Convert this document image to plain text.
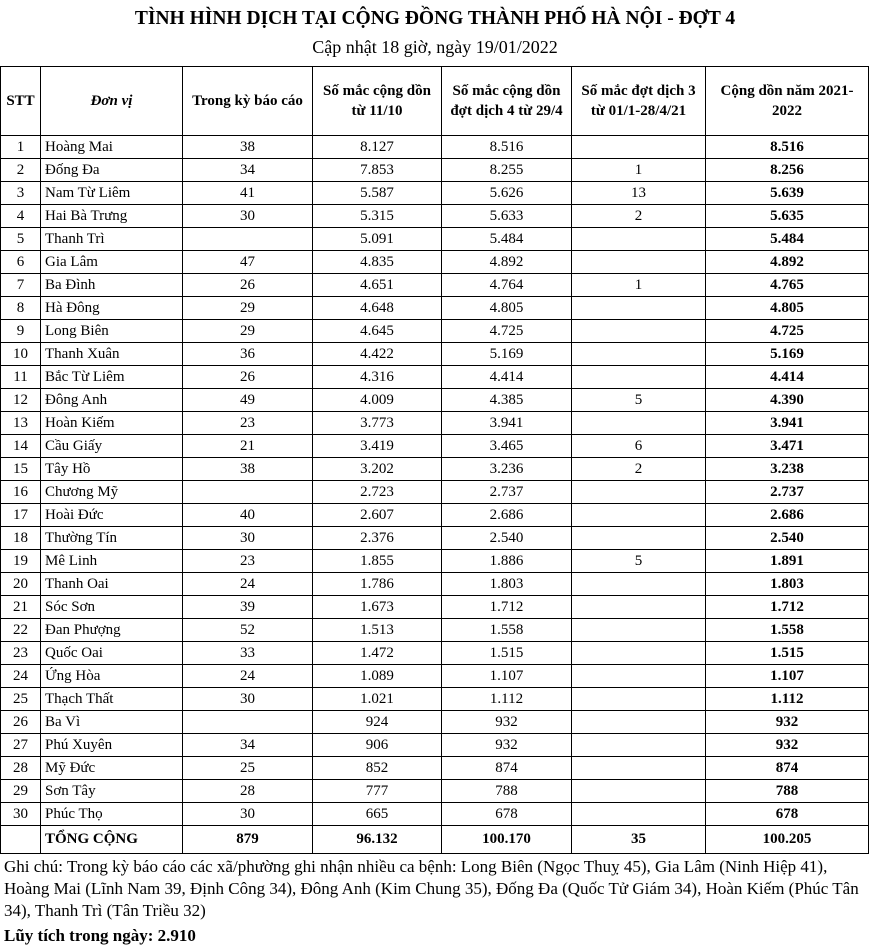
TÌNH HÌNH DỊCH TẠI CỘNG ĐỒNG THÀNH PHỐ HÀ NỘI - ĐỢT 4
Cập nhật 18 giờ, ngày 19/01/2022
STT	Đơn vị	Trong kỳ báo cáo	Số mắc cộng dồn từ 11/10	Số mắc cộng dồn đợt dịch 4 từ 29/4	Số mắc đợt dịch 3 từ 01/1-28/4/21	Cộng dồn năm 2021-2022
1	Hoàng Mai	38	8.127	8.516		8.516
2	Đống Đa	34	7.853	8.255	1	8.256
3	Nam Từ Liêm	41	5.587	5.626	13	5.639
4	Hai Bà Trưng	30	5.315	5.633	2	5.635
5	Thanh Trì		5.091	5.484		5.484
6	Gia Lâm	47	4.835	4.892		4.892
7	Ba Đình	26	4.651	4.764	1	4.765
8	Hà Đông	29	4.648	4.805		4.805
9	Long Biên	29	4.645	4.725		4.725
10	Thanh Xuân	36	4.422	5.169		5.169
11	Bắc Từ Liêm	26	4.316	4.414		4.414
12	Đông Anh	49	4.009	4.385	5	4.390
13	Hoàn Kiếm	23	3.773	3.941		3.941
14	Cầu Giấy	21	3.419	3.465	6	3.471
15	Tây Hồ	38	3.202	3.236	2	3.238
16	Chương Mỹ		2.723	2.737		2.737
17	Hoài Đức	40	2.607	2.686		2.686
18	Thường Tín	30	2.376	2.540		2.540
19	Mê Linh	23	1.855	1.886	5	1.891
20	Thanh Oai	24	1.786	1.803		1.803
21	Sóc Sơn	39	1.673	1.712		1.712
22	Đan Phượng	52	1.513	1.558		1.558
23	Quốc Oai	33	1.472	1.515		1.515
24	Ứng Hòa	24	1.089	1.107		1.107
25	Thạch Thất	30	1.021	1.112		1.112
26	Ba Vì		924	932		932
27	Phú Xuyên	34	906	932		932
28	Mỹ Đức	25	852	874		874
29	Sơn Tây	28	777	788		788
30	Phúc Thọ	30	665	678		678
	TỔNG CỘNG	879	96.132	100.170	35	100.205
Ghi chú: Trong kỳ báo cáo các xã/phường ghi nhận nhiều ca bệnh: Long Biên (Ngọc Thuỵ 45), Gia Lâm (Ninh Hiệp 41), Hoàng Mai (Lĩnh Nam 39, Định Công 34), Đông Anh (Kim Chung 35), Đống Đa (Quốc Tử Giám 34), Hoàn Kiếm (Phúc Tân 34), Thanh Trì (Tân Triều 32)
Lũy tích trong ngày: 2.910
